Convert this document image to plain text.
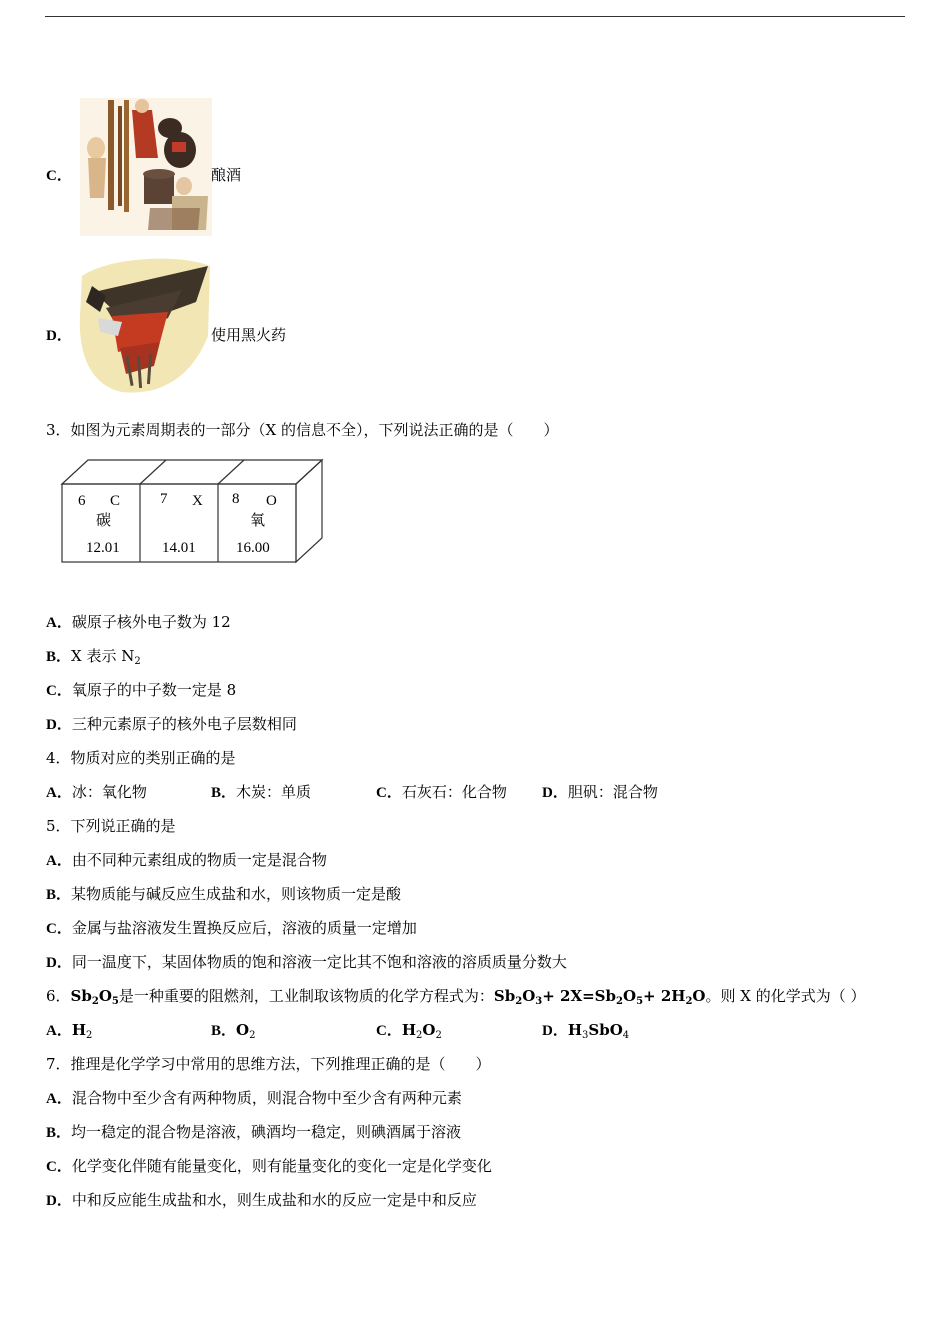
C．	酿酒
D．	使用黑火药
3．如图为元素周期表的一部分（X 的信息不全），下列说法正确的是（　　）
6 C
碳
12.01
7 X
14.01
8 O
氧
16.00
A．碳原子核外电子数为 12
B．X 表示 $N_2$
C．氧原子的中子数一定是 8
D．三种元素原子的核外电子层数相同
4．物质对应的类别正确的是
A．冰：氧化物	B．木炭：单质	C．石灰石：化合物 D．胆矾：混合物
5．下列说正确的是
A．由不同种元素组成的物质一定是混合物
B．某物质能与碱反应生成盐和水，则该物质一定是酸
C．金属与盐溶液发生置换反应后，溶液的质量一定增加
D．同一温度下，某固体物质的饱和溶液一定比其不饱和溶液的溶质质量分数大
6．$Sb_2O_5$是一种重要的阻燃剂，工业制取该物质的化学方程式为：$Sb_2O_3+ 2X=Sb_2O_5+ 2H_2O$。则 X 的化学式为（ ）
A．$H_2$	B．$O_2$	C．$H_2O_2$	D．$H_3SbO_4$
7．推理是化学学习中常用的思维方法，下列推理正确的是（　　）
A．混合物中至少含有两种物质，则混合物中至少含有两种元素
B．均一稳定的混合物是溶液，碘酒均一稳定，则碘酒属于溶液
C．化学变化伴随有能量变化，则有能量变化的变化一定是化学变化
D．中和反应能生成盐和水，则生成盐和水的反应一定是中和反应
